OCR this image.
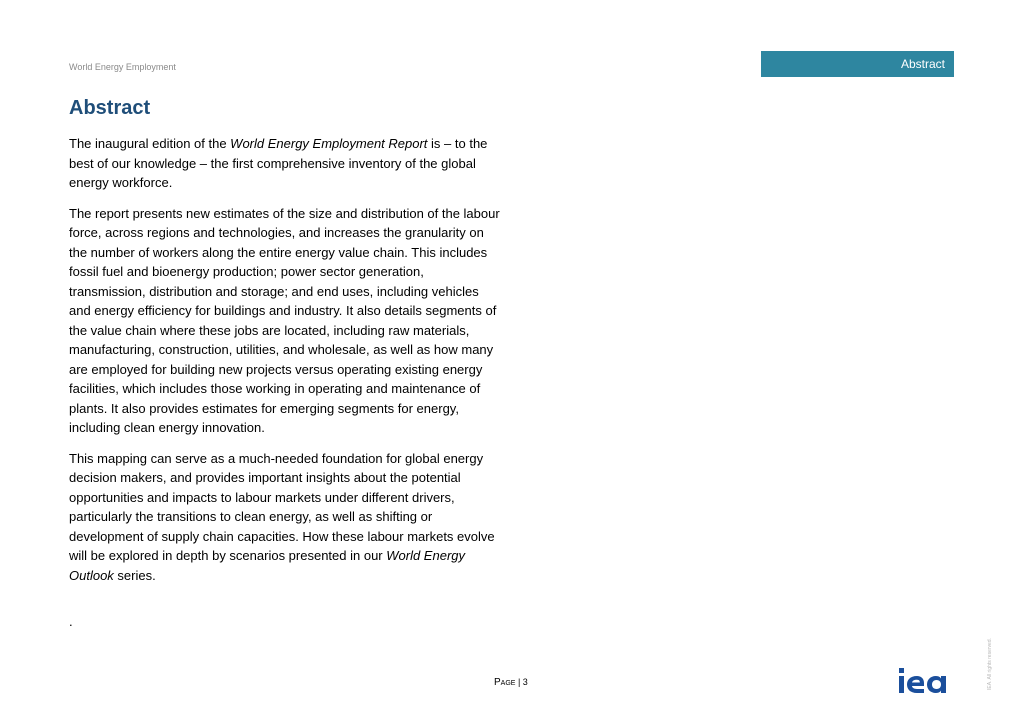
World Energy Employment	Abstract
Abstract

The inaugural edition of the World Energy Employment Report is – to the best of our knowledge – the first comprehensive inventory of the global energy workforce.

The report presents new estimates of the size and distribution of the labour force, across regions and technologies, and increases the granularity on the number of workers along the entire energy value chain. This includes fossil fuel and bioenergy production; power sector generation, transmission, distribution and storage; and end uses, including vehicles and energy efficiency for buildings and industry. It also details segments of the value chain where these jobs are located, including raw materials, manufacturing, construction, utilities, and wholesale, as well as how many are employed for building new projects versus operating existing energy facilities, which includes those working in operating and maintenance of plants. It also provides estimates for emerging segments for energy, including clean energy innovation.

This mapping can serve as a much-needed foundation for global energy decision makers, and provides important insights about the potential opportunities and impacts to labour markets under different drivers, particularly the transitions to clean energy, as well as shifting or development of supply chain capacities. How these labour markets evolve will be explored in depth by scenarios presented in our World Energy Outlook series.

.
Page | 3	IEA. All rights reserved.
